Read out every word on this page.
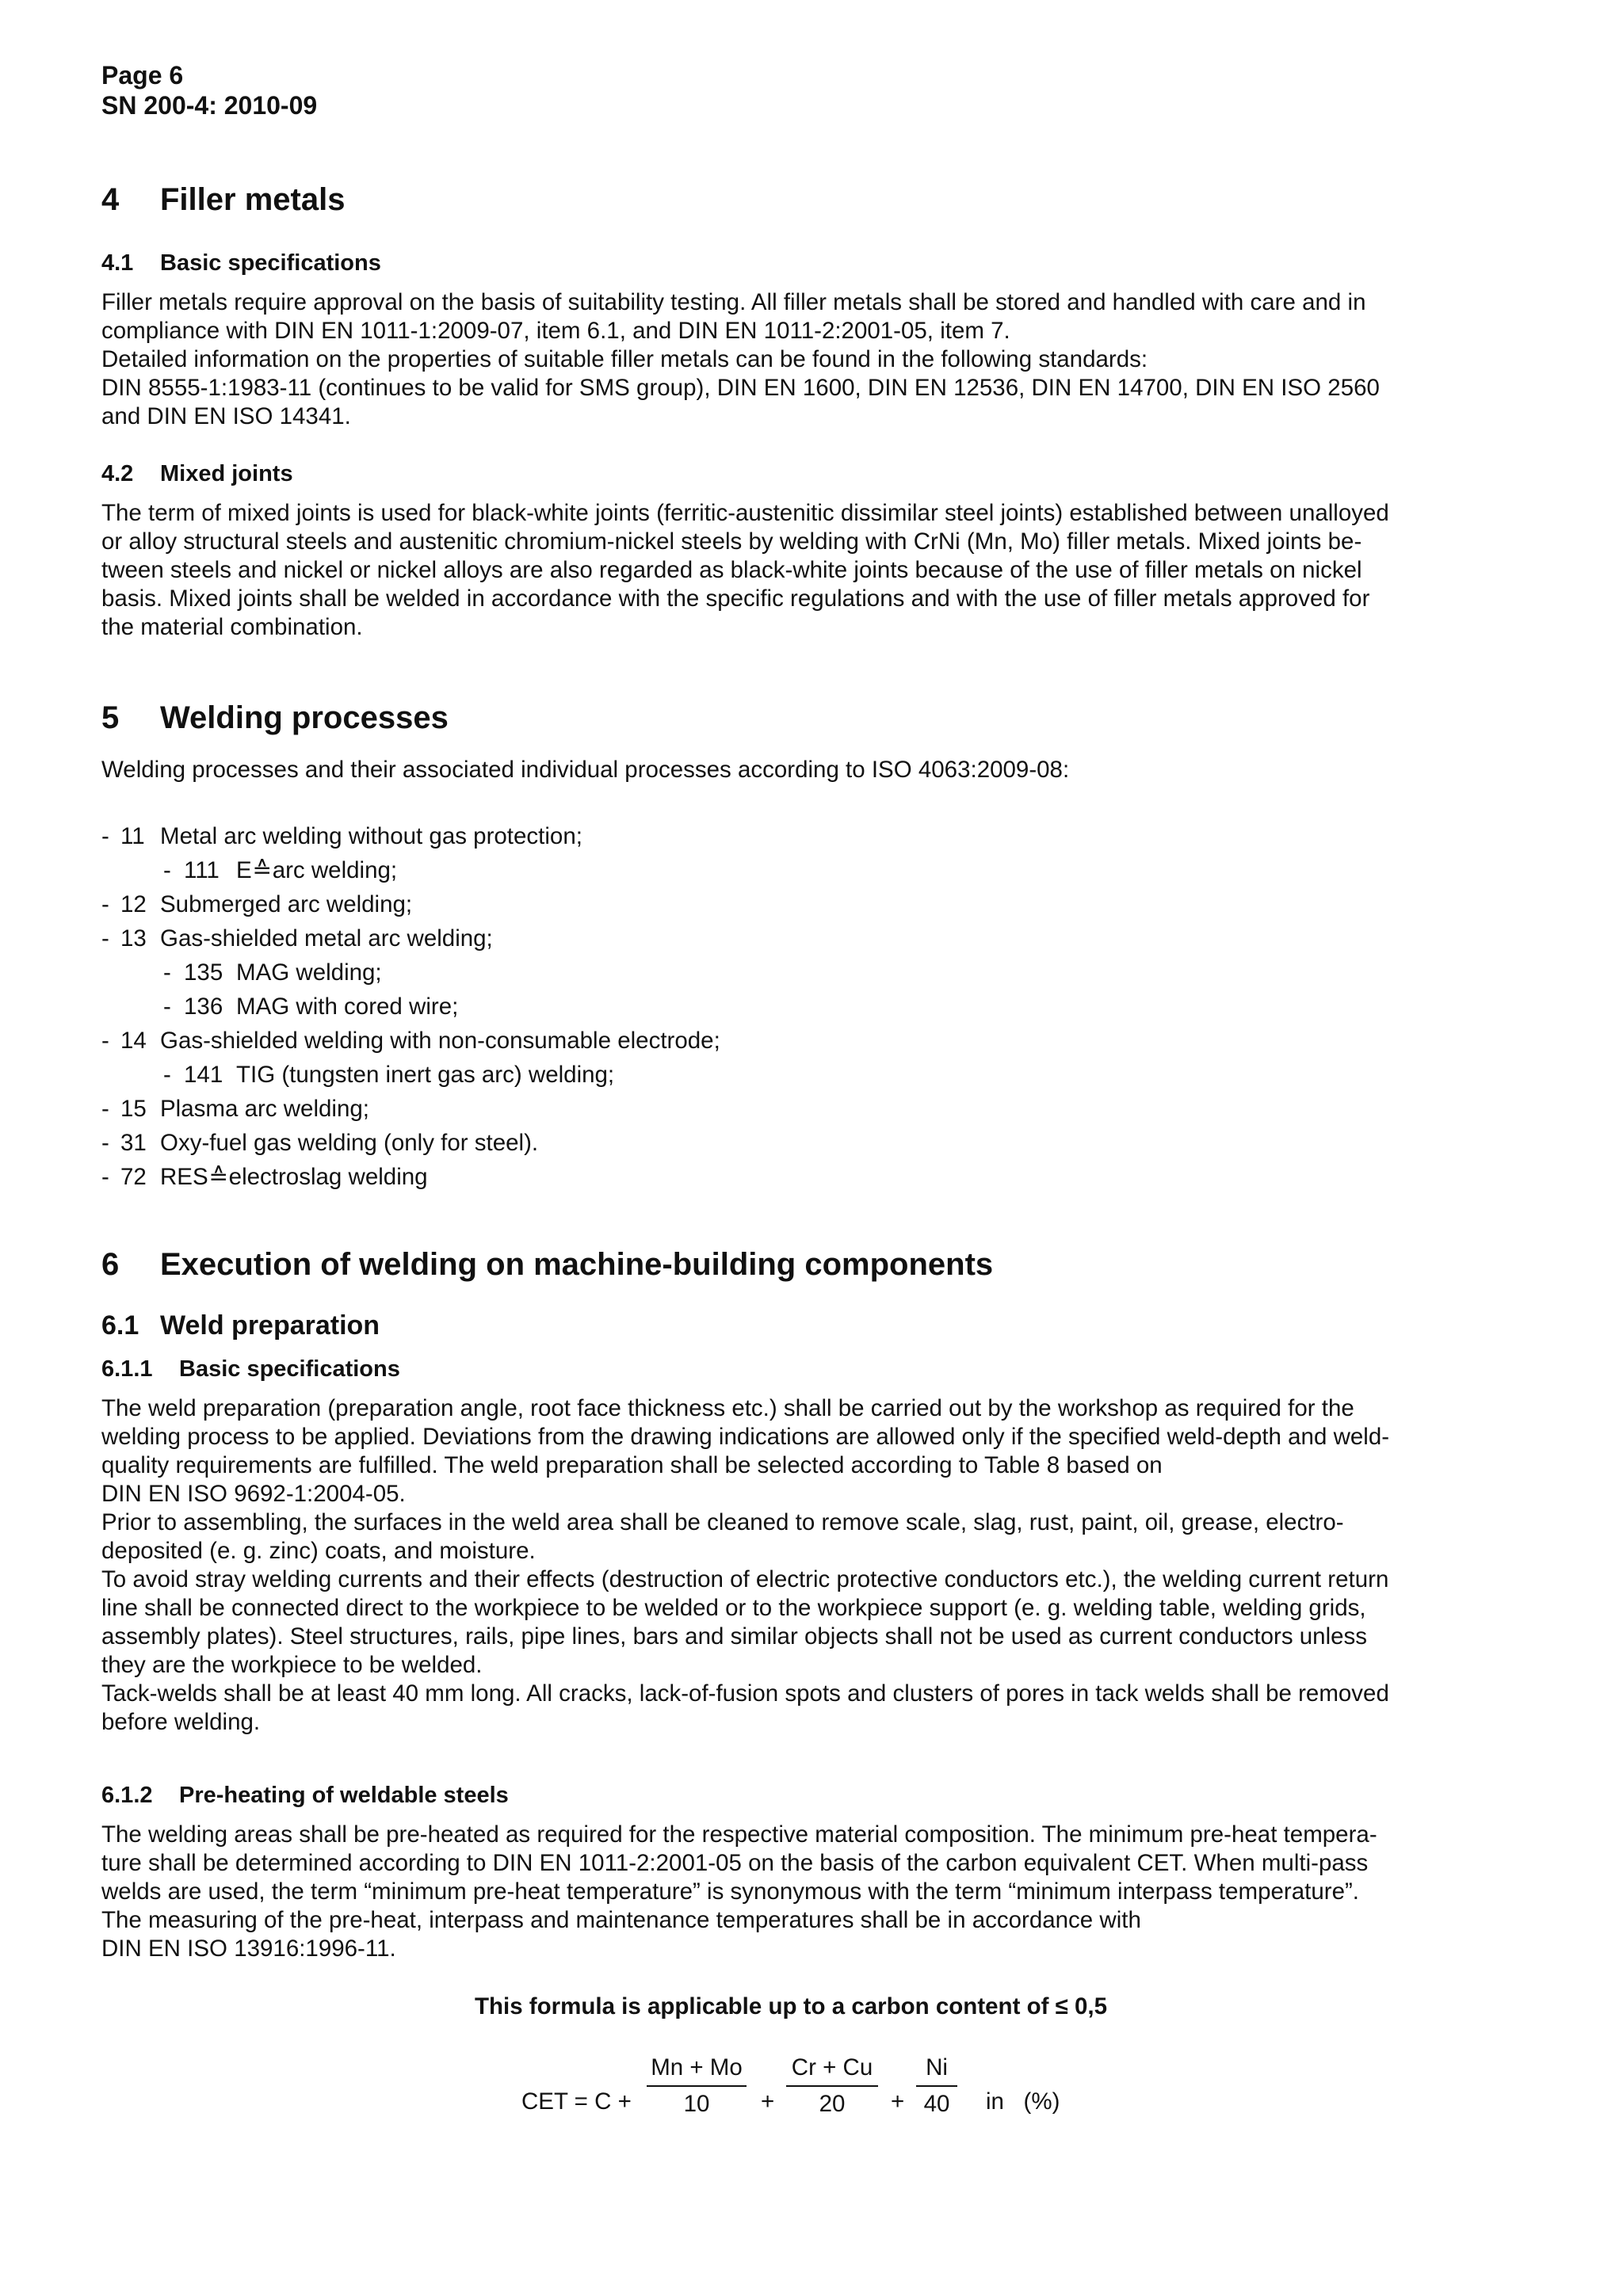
Page 6
SN 200-4: 2010-09
4	Filler metals
4.1	Basic specifications

Filler metals require approval on the basis of suitability testing. All filler metals shall be stored and handled with care and in

compliance with DIN EN 1011-1:2009-07, item 6.1, and DIN EN 1011-2:2001-05, item 7.

Detailed information on the properties of suitable filler metals can be found in the following standards:

DIN 8555-1:1983-11 (continues to be valid for SMS group), DIN EN 1600, DIN EN 12536, DIN EN 14700, DIN EN ISO 2560

and DIN EN ISO 14341.

4.2	Mixed joints

The term of mixed joints is used for black-white joints (ferritic-austenitic dissimilar steel joints) established between unalloyed

or alloy structural steels and austenitic chromium-nickel steels by welding with CrNi (Mn, Mo) filler metals. Mixed joints be-

tween steels and nickel or nickel alloys are also regarded as black-white joints because of the use of filler metals on nickel

basis. Mixed joints shall be welded in accordance with the specific regulations and with the use of filler metals approved for

the material combination.

5	Welding processes

Welding processes and their associated individual processes according to ISO 4063:2009-08:

- 11 Metal arc welding without gas protection;
- 111 E ≙ arc welding;
- 12 Submerged arc welding;
- 13 Gas-shielded metal arc welding;
- 135 MAG welding;
- 136 MAG with cored wire;
- 14 Gas-shielded welding with non-consumable electrode;
- 141 TIG (tungsten inert gas arc) welding;
- 15 Plasma arc welding;
- 31 Oxy-fuel gas welding (only for steel).
- 72 RES ≙ electroslag welding
6	Execution of welding on machine-building components
6.1 Weld preparation
6.1.1	Basic specifications

The weld preparation (preparation angle, root face thickness etc.) shall be carried out by the workshop as required for the

welding process to be applied. Deviations from the drawing indications are allowed only if the specified weld-depth and weld-

quality requirements are fulfilled. The weld preparation shall be selected according to Table 8 based on

DIN EN ISO 9692-1:2004-05.

Prior to assembling, the surfaces in the weld area shall be cleaned to remove scale, slag, rust, paint, oil, grease, electro-

deposited (e. g. zinc) coats, and moisture.

To avoid stray welding currents and their effects (destruction of electric protective conductors etc.), the welding current return

line shall be connected direct to the workpiece to be welded or to the workpiece support (e. g. welding table, welding grids,

assembly plates). Steel structures, rails, pipe lines, bars and similar objects shall not be used as current conductors unless

they are the workpiece to be welded.

Tack-welds shall be at least 40 mm long. All cracks, lack-of-fusion spots and clusters of pores in tack welds shall be removed

before welding.

6.1.2	Pre-heating of weldable steels

The welding areas shall be pre-heated as required for the respective material composition. The minimum pre-heat tempera-

ture shall be determined according to DIN EN 1011-2:2001-05 on the basis of the carbon equivalent CET. When multi-pass

welds are used, the term “minimum pre-heat temperature” is synonymous with the term “minimum interpass temperature”.

The measuring of the pre-heat, interpass and maintenance temperatures shall be in accordance with

DIN EN ISO 13916:1996-11.

This formula is applicable up to a carbon content of ≤ 0,5
CET = C +
Mn + Mo
10	+
Cr + Cu
20	+
Ni
40	in   (%)
